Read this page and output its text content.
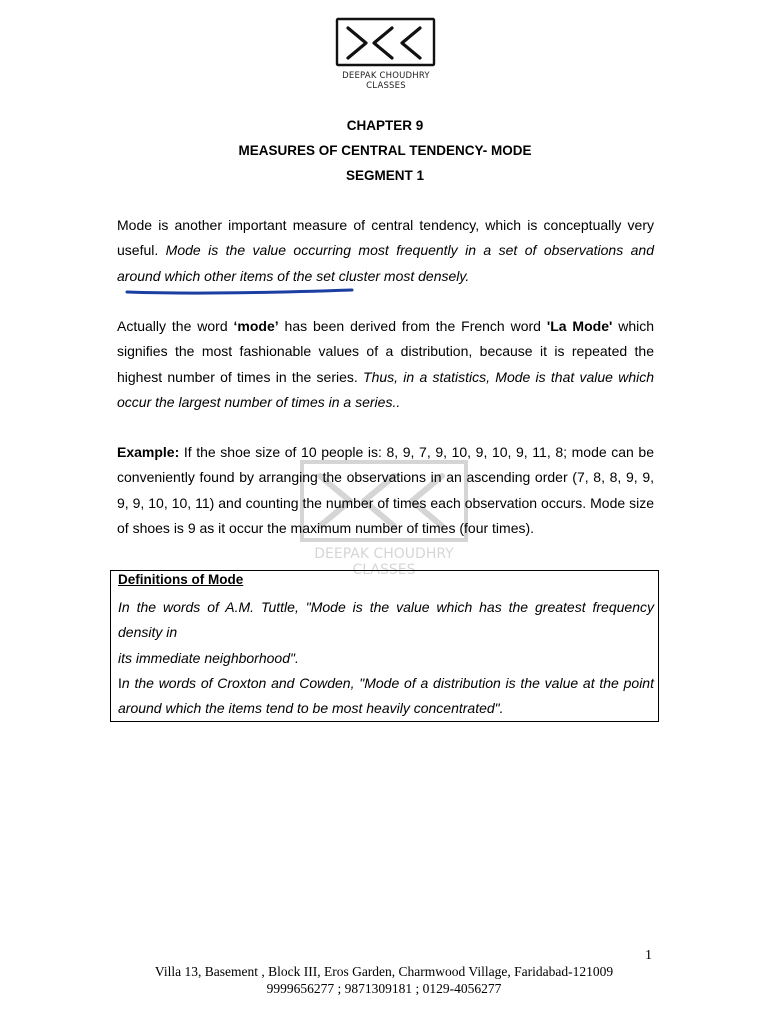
DEEPAK CHOUDHRY CLASSES
DEEPAK CHOUDHRY CLASSES
CHAPTER 9
MEASURES OF CENTRAL TENDENCY- MODE
SEGMENT 1

Mode is another important measure of central tendency, which is conceptually very useful. Mode is the value occurring most frequently in a set of observations and around which other items of the set cluster most densely.

Actually the word ‘mode’ has been derived from the French word 'La Mode' which signifies the most fashionable values of a distribution, because it is repeated the highest number of times in the series. Thus, in a statistics, Mode is that value which occur the largest number of times in a series..

Example: If the shoe size of 10 people is: 8, 9, 7, 9, 10, 9, 10, 9, 11, 8; mode can be conveniently found by arranging the observations in an ascending order (7, 8, 8, 9, 9, 9, 9, 10, 10, 11) and counting the number of times each observation occurs. Mode size of shoes is 9 as it occur the maximum number of times (four times).

Definitions of Mode

In the words of A.M. Tuttle, "Mode is the value which has the greatest frequency density in
its immediate neighborhood".
In the words of Croxton and Cowden, "Mode of a distribution is the value at the point around which the items tend to be most heavily concentrated".

1
Villa 13, Basement , Block III, Eros Garden, Charmwood Village, Faridabad-121009
9999656277 ; 9871309181 ; 0129-4056277
